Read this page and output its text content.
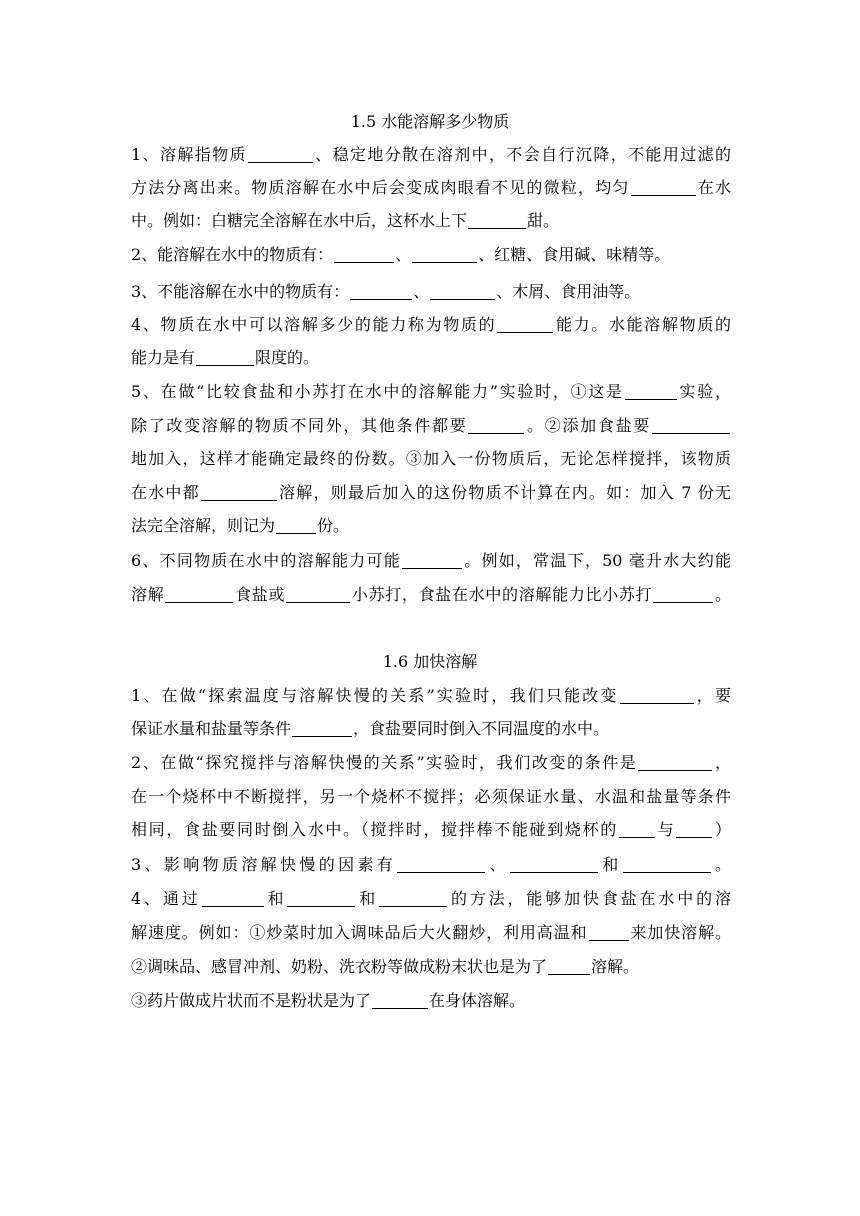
1.5 水能溶解多少物质
1、溶解指物质	、稳定地分散在溶剂中，不会自行沉降，不能用过滤的
方法分离出来。物质溶解在水中后会变成肉眼看不见的微粒，均匀	在水
中。例如：白糖完全溶解在水中后，这杯水上下	甜。
2、能溶解在水中的物质有：	、	、红糖、食用碱、味精等。
3、不能溶解在水中的物质有：	、	、木屑、食用油等。
4、物质在水中可以溶解多少的能力称为物质的	能力。水能溶解物质的
能力是有	限度的。
5、在做“比较食盐和小苏打在水中的溶解能力”实验时，①这是	实验，
除了改变溶解的物质不同外，其他条件都要	。②添加食盐要
地加入，这样才能确定最终的份数。③加入一份物质后，无论怎样搅拌，该物质
在水中都	溶解，则最后加入的这份物质不计算在内。如：加入 7 份无
法完全溶解，则记为	份。
6、不同物质在水中的溶解能力可能	。例如，常温下，50 毫升水大约能
溶解	食盐或	小苏打，食盐在水中的溶解能力比小苏打	。
1.6 加快溶解
1、在做“探索温度与溶解快慢的关系”实验时，我们只能改变	，要
保证水量和盐量等条件	，食盐要同时倒入不同温度的水中。
2、在做“探究搅拌与溶解快慢的关系”实验时，我们改变的条件是	，
在一个烧杯中不断搅拌，另一个烧杯不搅拌；必须保证水量、水温和盐量等条件
相同，食盐要同时倒入水中。（搅拌时，搅拌棒不能碰到烧杯的 与 ）
3、影响物质溶解快慢的因素有	、	和	。
4、通过	和	和	的方法，能够加快食盐在水中的溶
解速度。例如：①炒菜时加入调味品后大火翻炒，利用高温和	来加快溶解。
②调味品、感冒冲剂、奶粉、洗衣粉等做成粉末状也是为了	溶解。
③药片做成片状而不是粉状是为了	在身体溶解。
